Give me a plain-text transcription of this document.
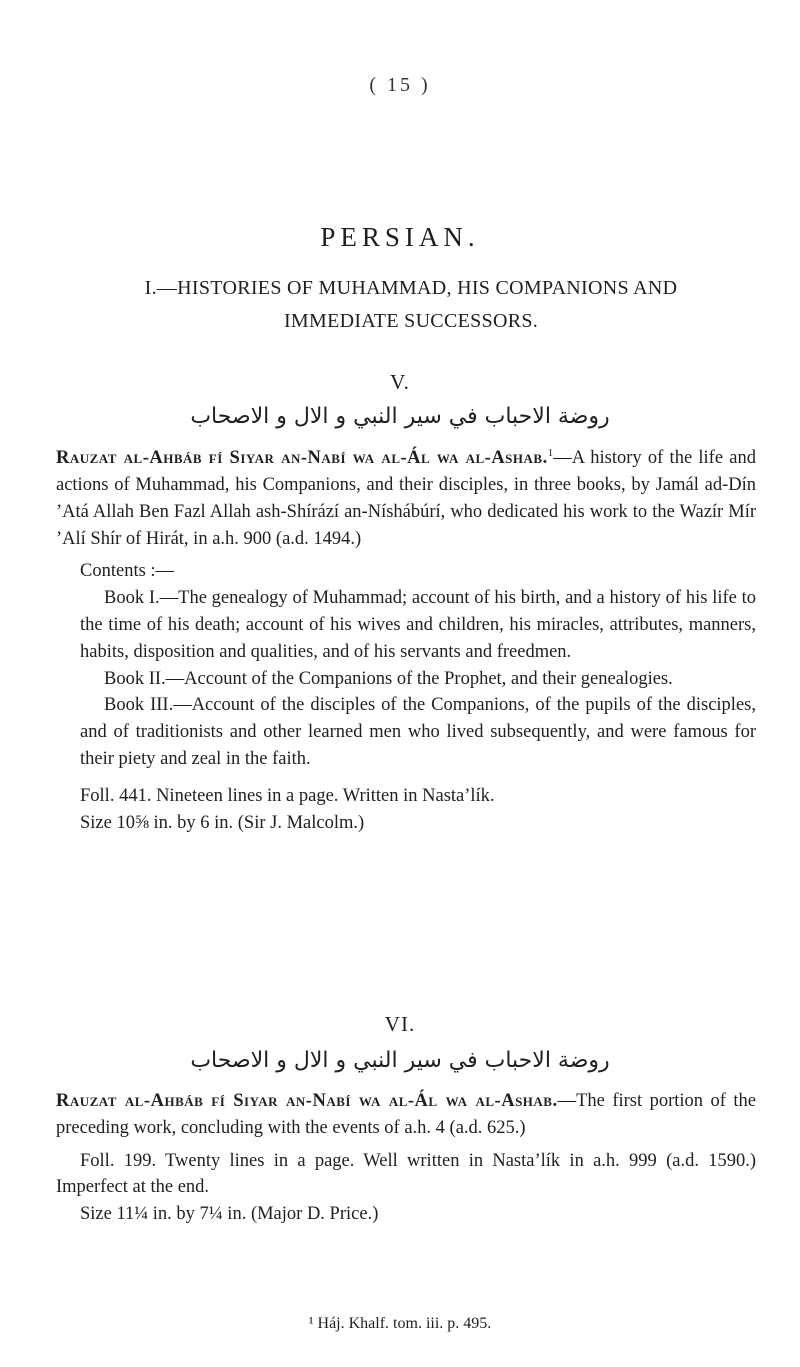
( 15 )
PERSIAN.
I.—HISTORIES OF MUHAMMAD, HIS COMPANIONS AND
IMMEDIATE SUCCESSORS.
V.
روضة الاحباب في سير النبي و الال و الاصحاب

Rauzat al-Ahbáb fí Siyar an-Nabí wa al-Ál wa al-Ashab.$^1$—A history of the life and actions of Muhammad, his Companions, and their disciples, in three books, by Jamál ad-Dín ’Atá Allah Ben Fazl Allah ash-Shírází an-Níshábúrí, who dedicated his work to the Wazír Mír ’Alí Shír of Hirát, in a.h. 900 (a.d. 1494.)

Contents :—

Book I.—The genealogy of Muhammad; account of his birth, and a history of his life to the time of his death; account of his wives and children, his miracles, attributes, manners, habits, disposition and qualities, and of his servants and freedmen.

Book II.—Account of the Companions of the Prophet, and their genealogies.

Book III.—Account of the disciples of the Companions, of the pupils of the disciples, and of traditionists and other learned men who lived subsequently, and were famous for their piety and zeal in the faith.

Foll. 441. Nineteen lines in a page. Written in Nasta’lík.

Size 10⅝ in. by 6 in. (Sir J. Malcolm.)

VI.
روضة الاحباب في سير النبي و الال و الاصحاب

Rauzat al-Ahbáb fí Siyar an-Nabí wa al-Ál wa al-Ashab.—The first portion of the preceding work, concluding with the events of a.h. 4 (a.d. 625.)

Foll. 199. Twenty lines in a page. Well written in Nasta’lík in a.h. 999 (a.d. 1590.) Imperfect at the end.

Size 11¼ in. by 7¼ in. (Major D. Price.)

¹ Háj. Khalf. tom. iii. p. 495.
